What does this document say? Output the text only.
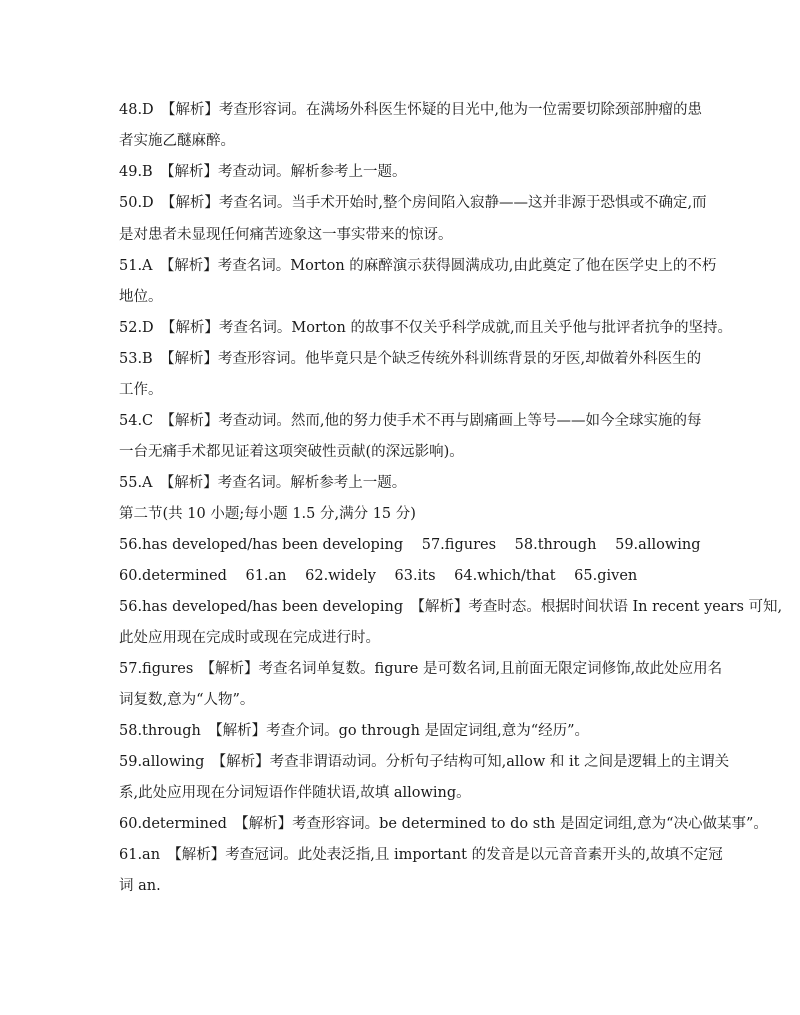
48.D　【解析】考查形容词。在满场外科医生怀疑的目光中,他为一位需要切除颈部肿瘤的患
者实施乙醚麻醉。
49.B　【解析】考查动词。解析参考上一题。
50.D　【解析】考查名词。当手术开始时,整个房间陷入寂静——这并非源于恐惧或不确定,而
是对患者未显现任何痛苦迹象这一事实带来的惊讶。
51.A　【解析】考查名词。Morton 的麻醉演示获得圆满成功,由此奠定了他在医学史上的不朽
地位。
52.D　【解析】考查名词。Morton 的故事不仅关乎科学成就,而且关乎他与批评者抗争的坚持。
53.B　【解析】考查形容词。他毕竟只是个缺乏传统外科训练背景的牙医,却做着外科医生的
工作。
54.C　【解析】考查动词。然而,他的努力使手术不再与剧痛画上等号——如今全球实施的每
一台无痛手术都见证着这项突破性贡献(的深远影响)。
55.A　【解析】考查名词。解析参考上一题。
第二节(共 10 小题;每小题 1.5 分,满分 15 分)
56.has developed/has been developing 57.figures 58.through 59.allowing
60.determined 61.an 62.widely 63.its 64.which/that 65.given
56.has developed/has been developing　【解析】考查时态。根据时间状语 In recent years 可知,
此处应用现在完成时或现在完成进行时。
57.figures　【解析】考查名词单复数。figure 是可数名词,且前面无限定词修饰,故此处应用名
词复数,意为“人物”。
58.through　【解析】考查介词。go through 是固定词组,意为“经历”。
59.allowing　【解析】考查非谓语动词。分析句子结构可知,allow 和 it 之间是逻辑上的主谓关
系,此处应用现在分词短语作伴随状语,故填 allowing。
60.determined　【解析】考查形容词。be determined to do sth 是固定词组,意为“决心做某事”。
61.an　【解析】考查冠词。此处表泛指,且 important 的发音是以元音音素开头的,故填不定冠
词 an.
